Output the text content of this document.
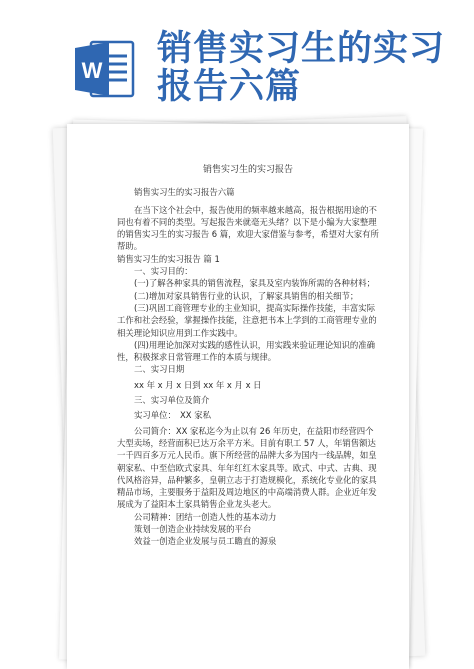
W
销售实习生的实习报告六篇
销售实习生的实习报告
销售实习生的实习报告六篇

在当下这个社会中，报告使用的频率越来越高，报告根据用途的不同也有着不同的类型。写起报告来就毫无头绪？以下是小编为大家整理的销售实习生的实习报告 6 篇，欢迎大家借鉴与参考，希望对大家有所帮助。

销售实习生的实习报告 篇 1

一、实习目的：

(一)了解各种家具的销售流程，家具及室内装饰所需的各种材料；

(二)增加对家具销售行业的认识，了解家具销售的相关细节；

(三)巩固工商管理专业的主业知识，提高实际操作技能，丰富实际工作和社会经验，掌握操作技能，注意把书本上学到的工商管理专业的相关理论知识应用到工作实践中。

(四)用理论加深对实践的感性认识，用实践来验证理论知识的准确性，积极探求日常管理工作的本质与规律。

二、实习日期

xx 年 x 月 x 日到 xx 年 x 月 x 日

三、实习单位及简介

实习单位：　XX 家私

公司简介：XX 家私迄今为止以有 26 年历史，在益阳市经营四个大型卖场，经营面积已达万余平方米。目前有职工 57 人，年销售额达一千四百多万元人民币。旗下所经营的品牌大多为国内一线品牌，如皇朝家私、中至信欧式家具、年年红红木家具等。欧式、中式、古典、现代风格浴异，品种繁多，皇朝立志于打造规模化，系统化专业化的家具精品市场，主要服务于益阳及周边地区的中高端消费人群。企业近年发展成为了益阳本土家具销售企业龙头老大。

公司精神：团结一创造人性的基本动力

策划一创造企业持续发展的平台

效益一创造企业发展与员工瞻直的源泉
